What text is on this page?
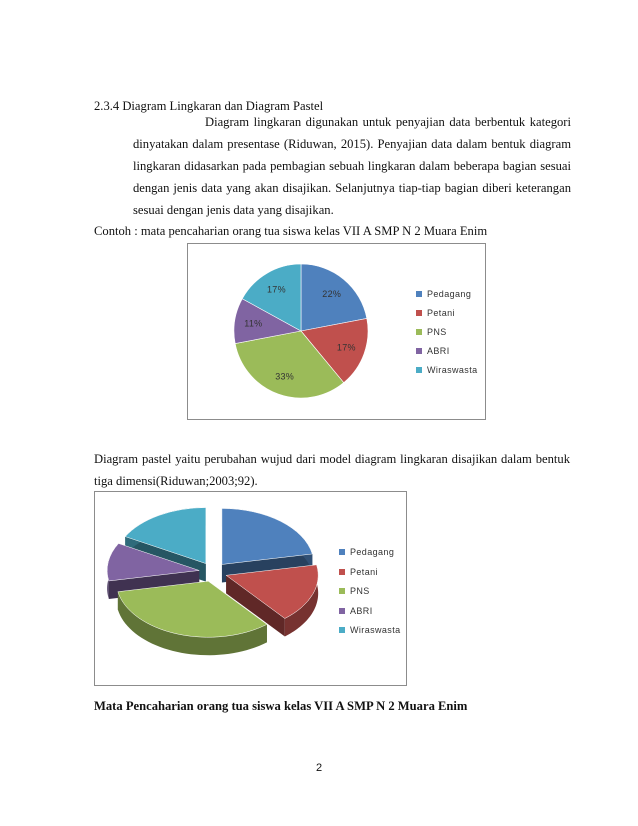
2.3.4 Diagram Lingkaran dan Diagram Pastel
Diagram lingkaran digunakan untuk penyajian data berbentuk kategori
dinyatakan dalam presentase (Riduwan, 2015). Penyajian data dalam bentuk diagram
lingkaran didasarkan pada pembagian sebuah lingkaran dalam beberapa bagian sesuai
dengan jenis data yang akan disajikan. Selanjutnya tiap-tiap bagian diberi keterangan
sesuai dengan jenis data yang disajikan.
Contoh : mata pencaharian orang tua siswa kelas VII A SMP N 2 Muara Enim
22%
17%
33%
11%
17%	Pedagang
Petani
PNS
ABRI
Wiraswasta
Diagram pastel yaitu perubahan wujud dari model diagram lingkaran disajikan dalam bentuk
tiga dimensi(Riduwan;2003;92).
Pedagang
Petani
PNS
ABRI
Wiraswasta
Mata Pencaharian orang tua siswa kelas VII A SMP N 2 Muara Enim
2
